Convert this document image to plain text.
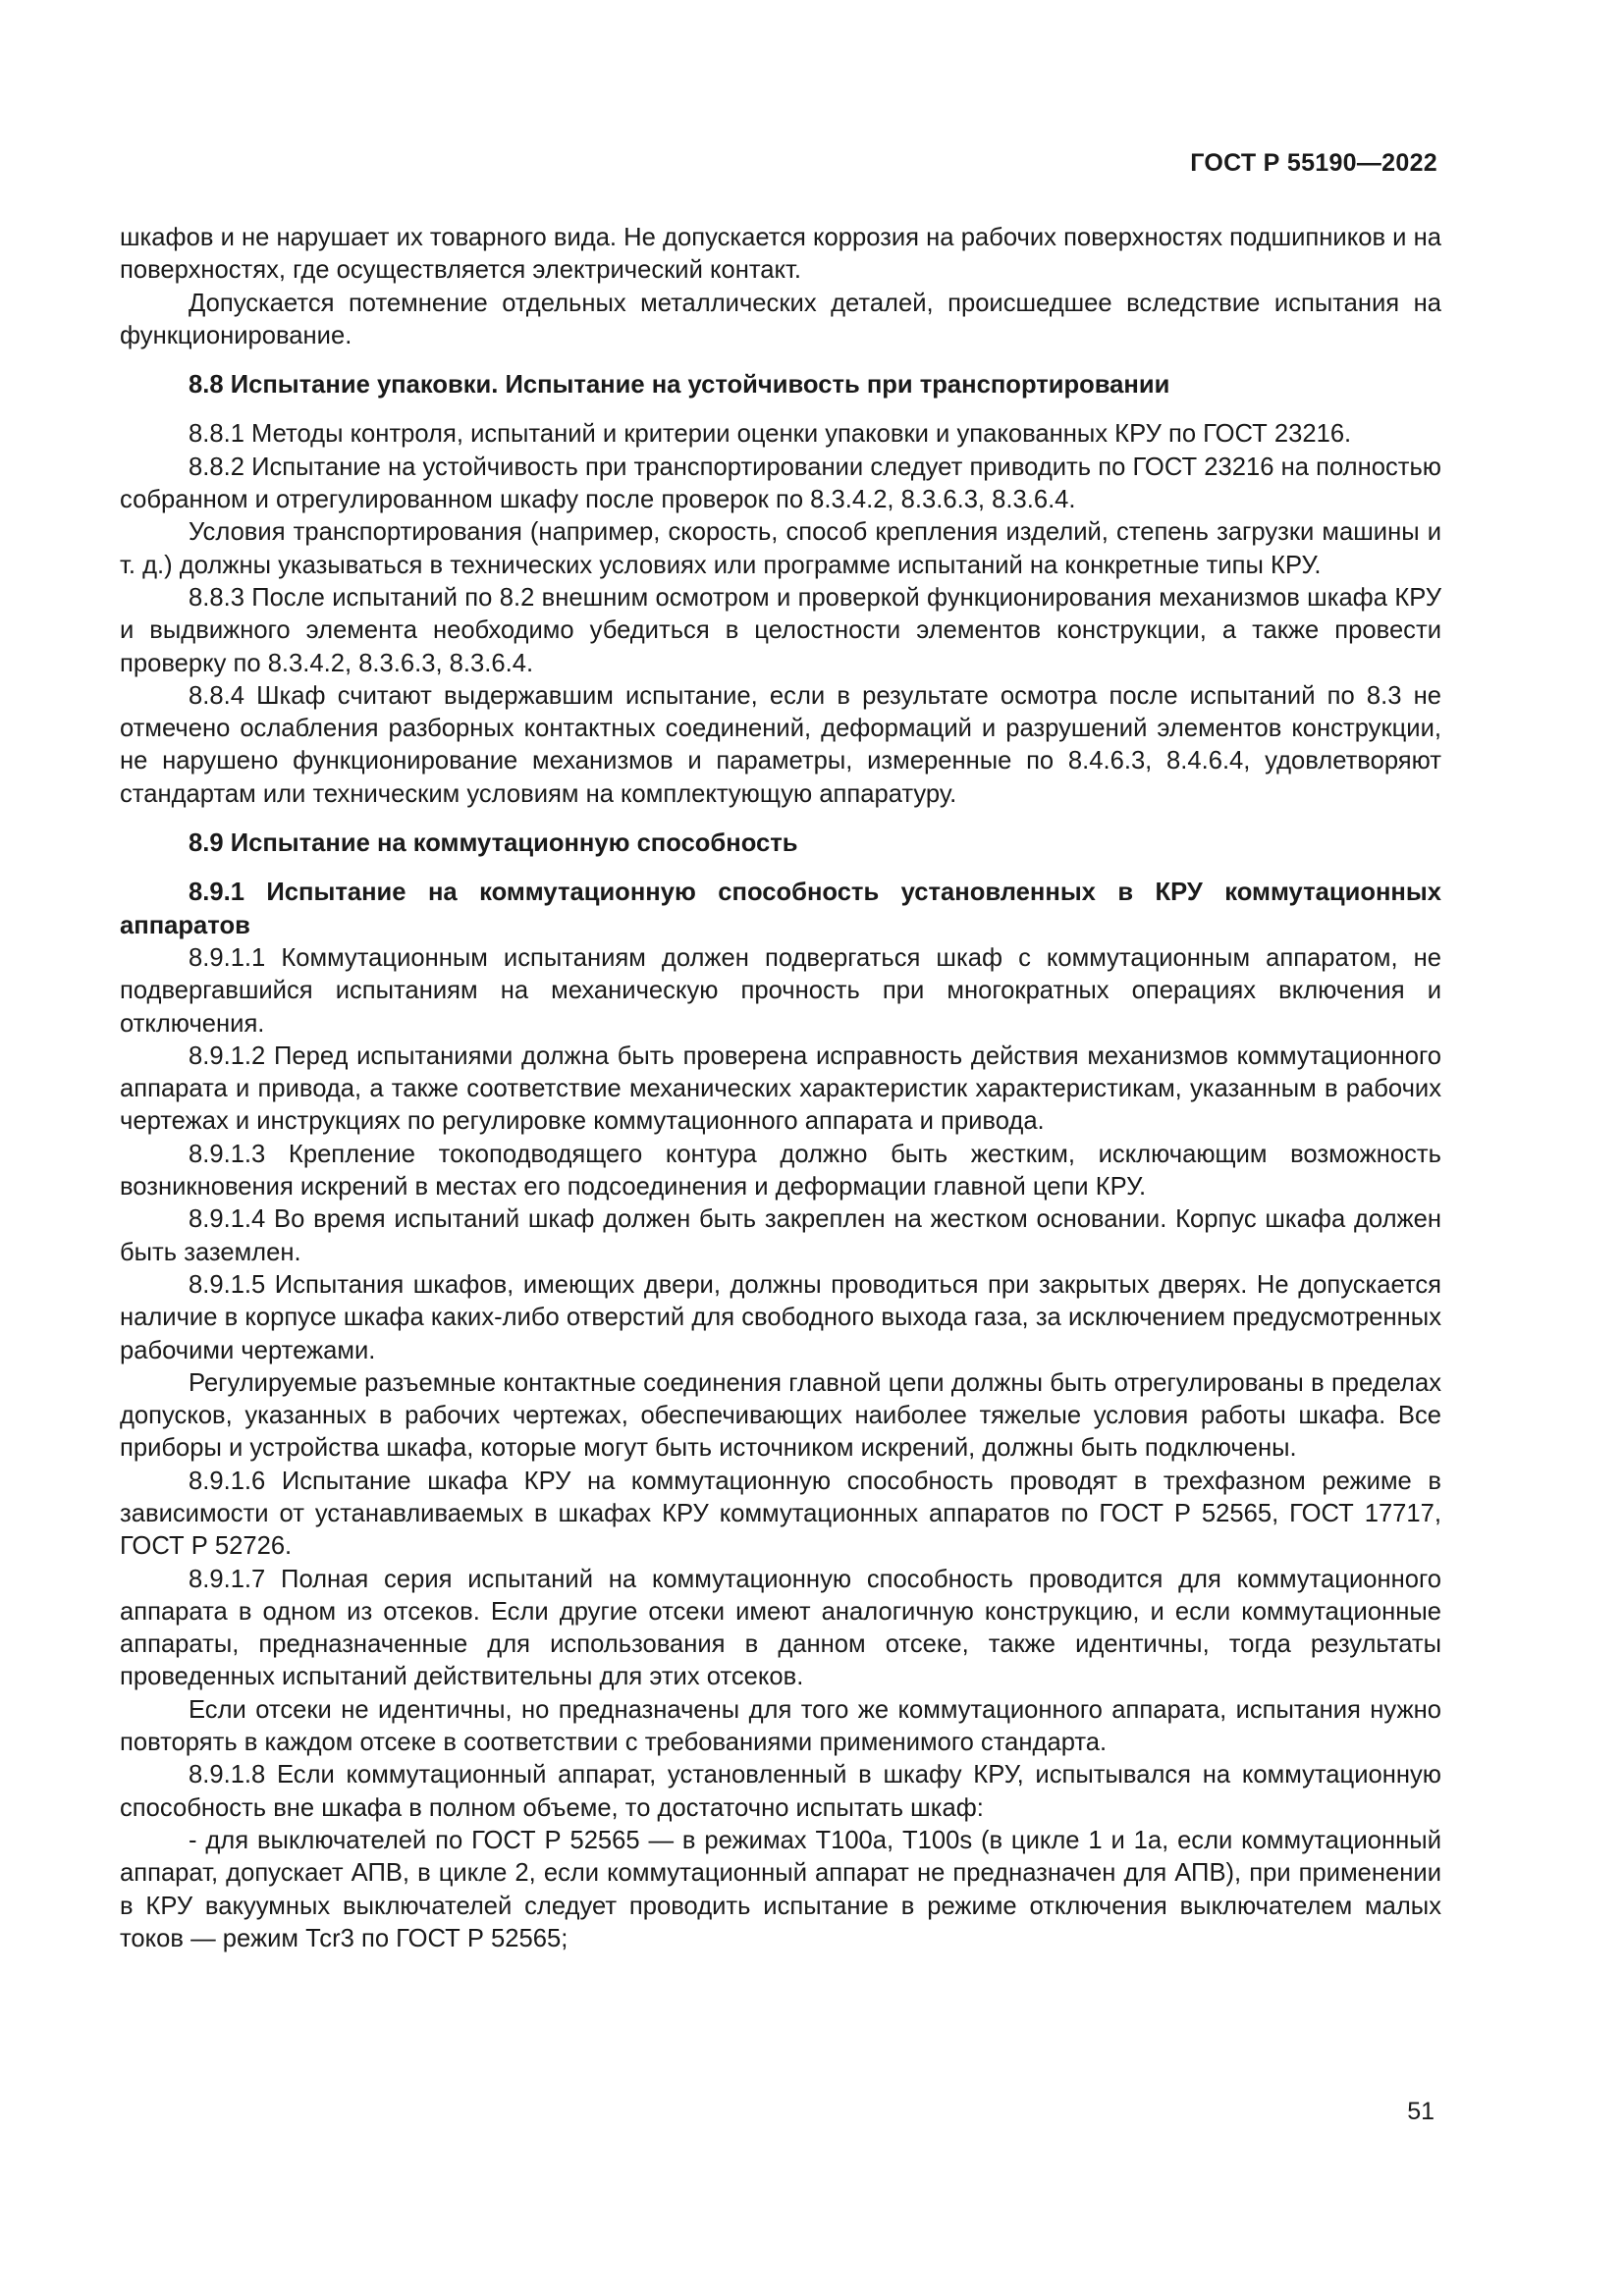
ГОСТ Р 55190—2022

шкафов и не нарушает их товарного вида. Не допускается коррозия на рабочих поверхностях подшипников и на поверхностях, где осуществляется электрический контакт.

Допускается потемнение отдельных металлических деталей, происшедшее вследствие испытания на функционирование.

8.8 Испытание упаковки. Испытание на устойчивость при транспортировании

8.8.1 Методы контроля, испытаний и критерии оценки упаковки и упакованных КРУ по ГОСТ 23216.

8.8.2 Испытание на устойчивость при транспортировании следует приводить по ГОСТ 23216 на полностью собранном и отрегулированном шкафу после проверок по 8.3.4.2, 8.3.6.3, 8.3.6.4.

Условия транспортирования (например, скорость, способ крепления изделий, степень загрузки машины и т. д.) должны указываться в технических условиях или программе испытаний на конкретные типы КРУ.

8.8.3 После испытаний по 8.2 внешним осмотром и проверкой функционирования механизмов шкафа КРУ и выдвижного элемента необходимо убедиться в целостности элементов конструкции, а также провести проверку по 8.3.4.2, 8.3.6.3, 8.3.6.4.

8.8.4 Шкаф считают выдержавшим испытание, если в результате осмотра после испытаний по 8.3 не отмечено ослабления разборных контактных соединений, деформаций и разрушений элементов конструкции, не нарушено функционирование механизмов и параметры, измеренные по 8.4.6.3, 8.4.6.4, удовлетворяют стандартам или техническим условиям на комплектующую аппаратуру.

8.9 Испытание на коммутационную способность
8.9.1 Испытание на коммутационную способность установленных в КРУ коммутационных аппаратов

8.9.1.1 Коммутационным испытаниям должен подвергаться шкаф с коммутационным аппаратом, не подвергавшийся испытаниям на механическую прочность при многократных операциях включения и отключения.

8.9.1.2 Перед испытаниями должна быть проверена исправность действия механизмов коммутационного аппарата и привода, а также соответствие механических характеристик характеристикам, указанным в рабочих чертежах и инструкциях по регулировке коммутационного аппарата и привода.

8.9.1.3 Крепление токоподводящего контура должно быть жестким, исключающим возможность возникновения искрений в местах его подсоединения и деформации главной цепи КРУ.

8.9.1.4 Во время испытаний шкаф должен быть закреплен на жестком основании. Корпус шкафа должен быть заземлен.

8.9.1.5 Испытания шкафов, имеющих двери, должны проводиться при закрытых дверях. Не допускается наличие в корпусе шкафа каких-либо отверстий для свободного выхода газа, за исключением предусмотренных рабочими чертежами.

Регулируемые разъемные контактные соединения главной цепи должны быть отрегулированы в пределах допусков, указанных в рабочих чертежах, обеспечивающих наиболее тяжелые условия работы шкафа. Все приборы и устройства шкафа, которые могут быть источником искрений, должны быть подключены.

8.9.1.6 Испытание шкафа КРУ на коммутационную способность проводят в трехфазном режиме в зависимости от устанавливаемых в шкафах КРУ коммутационных аппаратов по ГОСТ Р 52565, ГОСТ 17717, ГОСТ Р 52726.

8.9.1.7 Полная серия испытаний на коммутационную способность проводится для коммутационного аппарата в одном из отсеков. Если другие отсеки имеют аналогичную конструкцию, и если коммутационные аппараты, предназначенные для использования в данном отсеке, также идентичны, тогда результаты проведенных испытаний действительны для этих отсеков.

Если отсеки не идентичны, но предназначены для того же коммутационного аппарата, испытания нужно повторять в каждом отсеке в соответствии с требованиями применимого стандарта.

8.9.1.8 Если коммутационный аппарат, установленный в шкафу КРУ, испытывался на коммутационную способность вне шкафа в полном объеме, то достаточно испытать шкаф:

- для выключателей по ГОСТ Р 52565 — в режимах Т100а, Т100s (в цикле 1 и 1а, если коммутационный аппарат, допускает АПВ, в цикле 2, если коммутационный аппарат не предназначен для АПВ), при применении в КРУ вакуумных выключателей следует проводить испытание в режиме отключения выключателем малых токов — режим Тсr3 по ГОСТ Р 52565;

51
